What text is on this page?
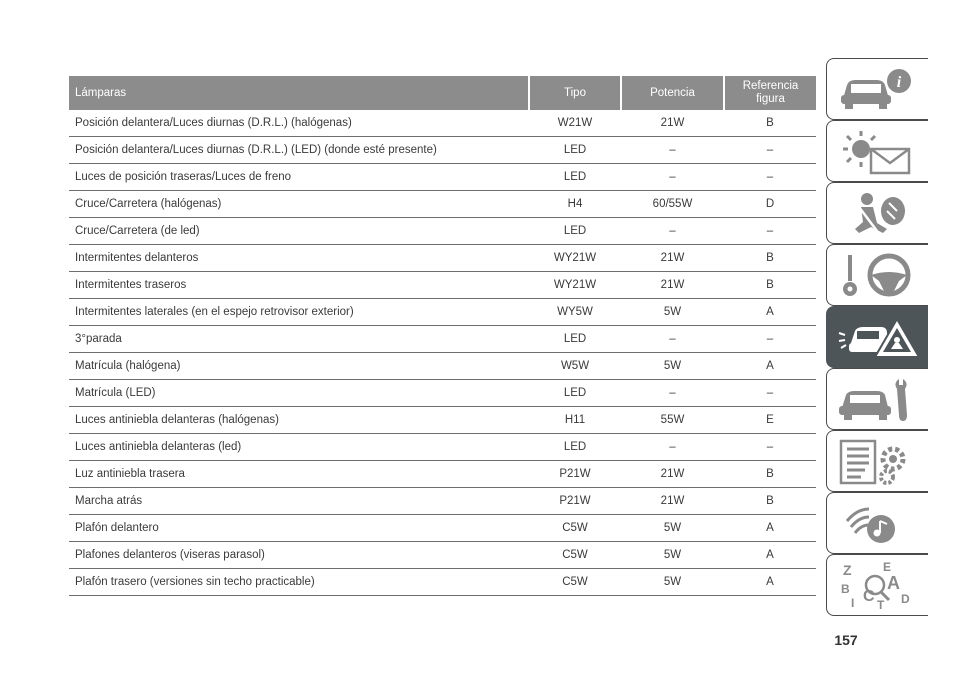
Lámparas	Tipo	Potencia	Referencia
figura
Posición delantera/Luces diurnas (D.R.L.) (halógenas)	W21W	21W	B
Posición delantera/Luces diurnas (D.R.L.) (LED) (donde esté presente)	LED	–	–
Luces de posición traseras/Luces de freno	LED	–	–
Cruce/Carretera (halógenas)	H4	60/55W	D
Cruce/Carretera (de led)	LED	–	–
Intermitentes delanteros	WY21W	21W	B
Intermitentes traseros	WY21W	21W	B
Intermitentes laterales (en el espejo retrovisor exterior)	WY5W	5W	A
3°parada	LED	–	–
Matrícula (halógena)	W5W	5W	A
Matrícula (LED)	LED	–	–
Luces antiniebla delanteras (halógenas)	H11	55W	E
Luces antiniebla delanteras (led)	LED	–	–
Luz antiniebla trasera	P21W	21W	B
Marcha atrás	P21W	21W	B
Plafón delantero	C5W	5W	A
Plafones delanteros (viseras parasol)	C5W	5W	A
Plafón trasero (versiones sin techo practicable)	C5W	5W	A
157
i
Z	E
A
B C D
T
I
